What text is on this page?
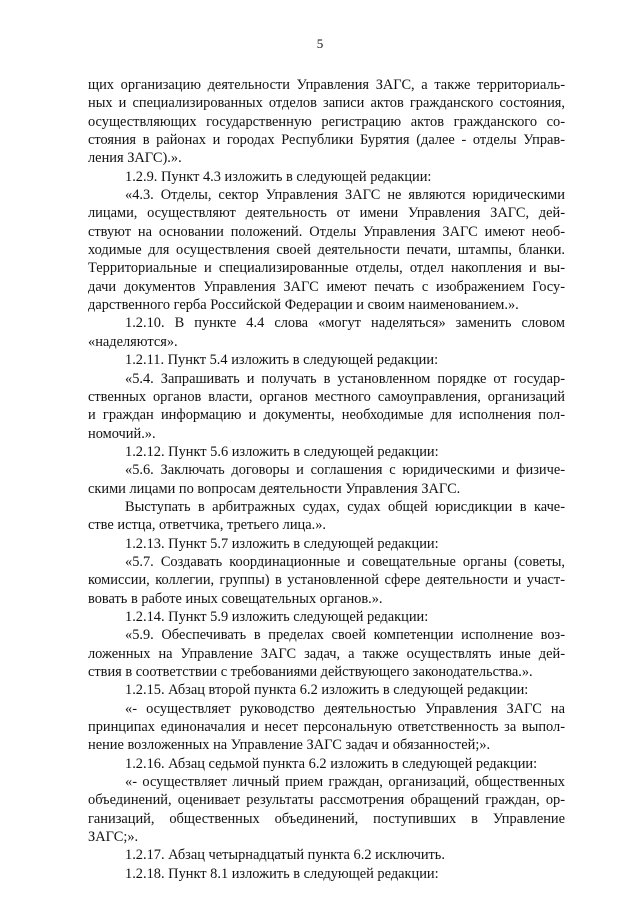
5
щих организацию деятельности Управления ЗАГС, а также территориаль-
ных и специализированных отделов записи актов гражданского состояния,
осуществляющих государственную регистрацию актов гражданского со-
стояния в районах и городах Республики Бурятия (далее - отделы Управ-
ления ЗАГС).».
1.2.9. Пункт 4.3 изложить в следующей редакции:
«4.3. Отделы, сектор Управления ЗАГС не являются юридическими
лицами, осуществляют деятельность от имени Управления ЗАГС, дей-
ствуют на основании положений. Отделы Управления ЗАГС имеют необ-
ходимые для осуществления своей деятельности печати, штампы, бланки.
Территориальные и специализированные отделы, отдел накопления и вы-
дачи документов Управления ЗАГС имеют печать с изображением Госу-
дарственного герба Российской Федерации и своим наименованием.».
1.2.10. В пункте 4.4 слова «могут наделяться» заменить словом
«наделяются».
1.2.11. Пункт 5.4 изложить в следующей редакции:
«5.4. Запрашивать и получать в установленном порядке от государ-
ственных органов власти, органов местного самоуправления, организаций
и граждан информацию и документы, необходимые для исполнения пол-
номочий.».
1.2.12. Пункт 5.6 изложить в следующей редакции:
«5.6. Заключать договоры и соглашения с юридическими и физиче-
скими лицами по вопросам деятельности Управления ЗАГС.
Выступать в арбитражных судах, судах общей юрисдикции в каче-
стве истца, ответчика, третьего лица.».
1.2.13. Пункт 5.7 изложить в следующей редакции:
«5.7. Создавать координационные и совещательные органы (советы,
комиссии, коллегии, группы) в установленной сфере деятельности и участ-
вовать в работе иных совещательных органов.».
1.2.14. Пункт 5.9 изложить следующей редакции:
«5.9. Обеспечивать в пределах своей компетенции исполнение воз-
ложенных на Управление ЗАГС задач, а также осуществлять иные дей-
ствия в соответствии с требованиями действующего законодательства.».
1.2.15. Абзац второй пункта 6.2 изложить в следующей редакции:
«- осуществляет руководство деятельностью Управления ЗАГС на
принципах единоначалия и несет персональную ответственность за выпол-
нение возложенных на Управление ЗАГС задач и обязанностей;».
1.2.16. Абзац седьмой пункта 6.2 изложить в следующей редакции:
«- осуществляет личный прием граждан, организаций, общественных
объединений, оценивает результаты рассмотрения обращений граждан, ор-
ганизаций, общественных объединений, поступивших в Управление
ЗАГС;».
1.2.17. Абзац четырнадцатый пункта 6.2 исключить.
1.2.18. Пункт 8.1 изложить в следующей редакции:
